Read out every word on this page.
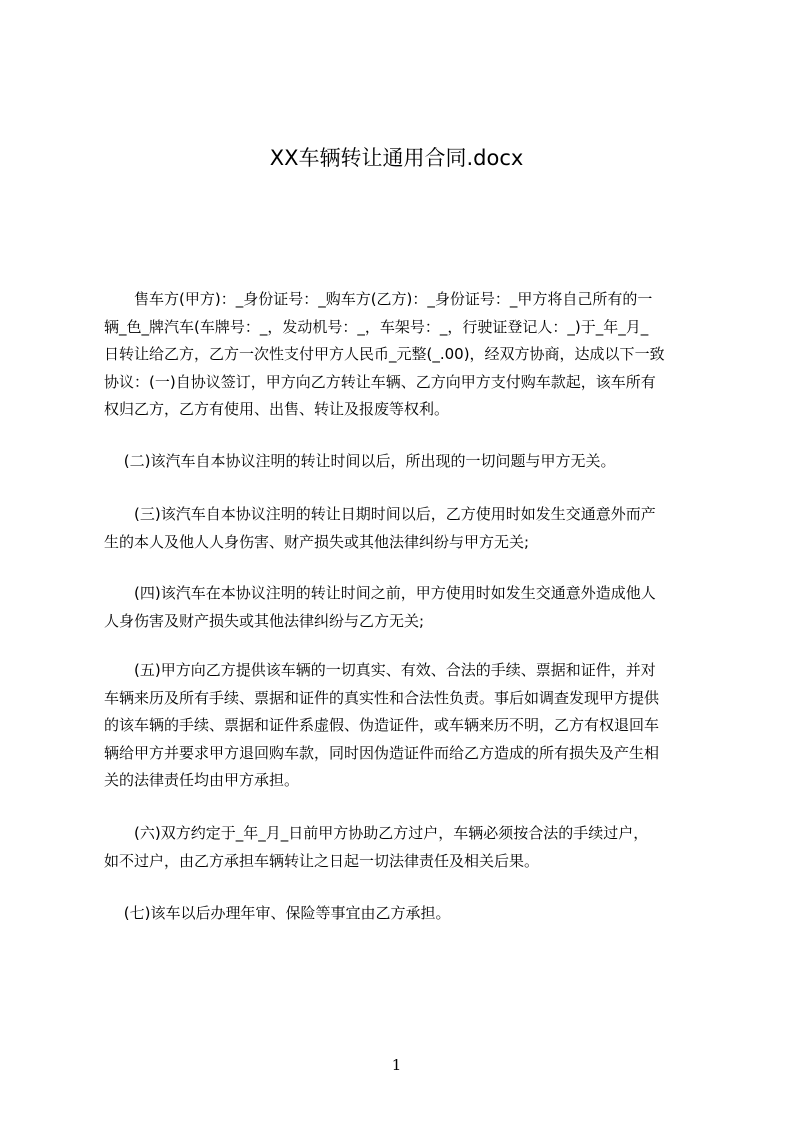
XX车辆转让通用合同.docx
　　售车方(甲方)：_身份证号：_购车方(乙方)：_身份证号：_甲方将自己所有的一
辆_色_牌汽车(车牌号：_，发动机号：_，车架号：_，行驶证登记人：_)于_年_月_
日转让给乙方，乙方一次性支付甲方人民币_元整(_.00)，经双方协商，达成以下一致
协议：(一)自协议签订，甲方向乙方转让车辆、乙方向甲方支付购车款起，该车所有
权归乙方，乙方有使用、出售、转让及报废等权利。
　 (二)该汽车自本协议注明的转让时间以后，所出现的一切问题与甲方无关。
　　(三)该汽车自本协议注明的转让日期时间以后，乙方使用时如发生交通意外而产
生的本人及他人人身伤害、财产损失或其他法律纠纷与甲方无关;
　　(四)该汽车在本协议注明的转让时间之前，甲方使用时如发生交通意外造成他人
人身伤害及财产损失或其他法律纠纷与乙方无关;
　　(五)甲方向乙方提供该车辆的一切真实、有效、合法的手续、票据和证件，并对
车辆来历及所有手续、票据和证件的真实性和合法性负责。事后如调查发现甲方提供
的该车辆的手续、票据和证件系虚假、伪造证件，或车辆来历不明，乙方有权退回车
辆给甲方并要求甲方退回购车款，同时因伪造证件而给乙方造成的所有损失及产生相
关的法律责任均由甲方承担。
　　(六)双方约定于_年_月_日前甲方协助乙方过户，车辆必须按合法的手续过户，
如不过户，由乙方承担车辆转让之日起一切法律责任及相关后果。
　 (七)该车以后办理年审、保险等事宜由乙方承担。
1
